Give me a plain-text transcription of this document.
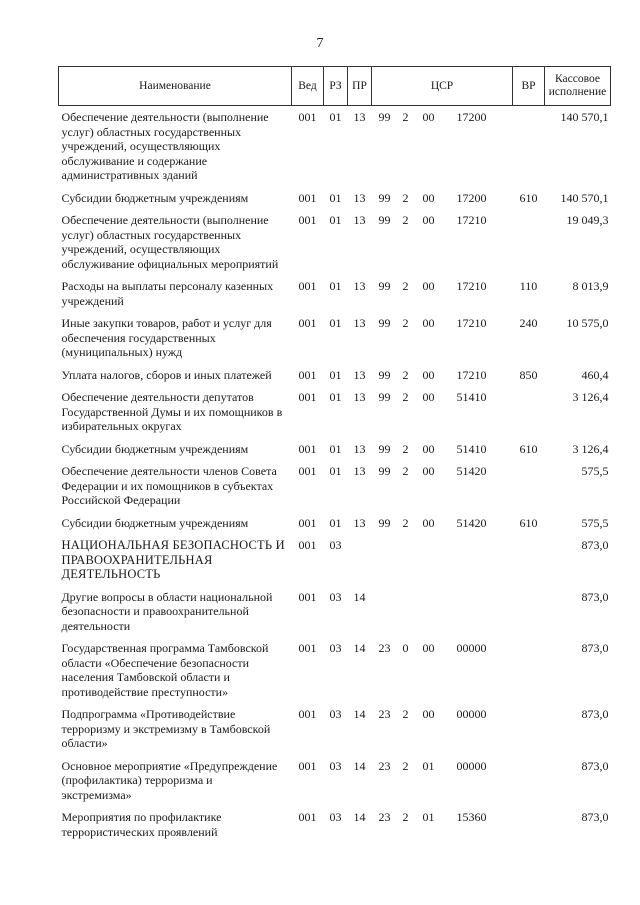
7
Наименование	Вед	РЗ	ПР	ЦСР	ВР	Кассовое исполнение
Обеспечение деятельности (выполнение услуг) областных государственных учреждений, осуществляющих обслуживание и содержание административных зданий	001	01	13	99 2 00 17200		140 570,1
Субсидии бюджетным учреждениям	001	01	13	99 2 00 17200	610	140 570,1
Обеспечение деятельности (выполнение услуг) областных государственных учреждений, осуществляющих обслуживание официальных мероприятий	001	01	13	99 2 00 17210		19 049,3
Расходы на выплаты персоналу казенных учреждений	001	01	13	99 2 00 17210	110	8 013,9
Иные закупки товаров, работ и услуг для обеспечения государственных (муниципальных) нужд	001	01	13	99 2 00 17210	240	10 575,0
Уплата налогов, сборов и иных платежей	001	01	13	99 2 00 17210	850	460,4
Обеспечение деятельности депутатов Государственной Думы и их помощников в избирательных округах	001	01	13	99 2 00 51410		3 126,4
Субсидии бюджетным учреждениям	001	01	13	99 2 00 51410	610	3 126,4
Обеспечение деятельности членов Совета Федерации и их помощников в субъектах Российской Федерации	001	01	13	99 2 00 51420		575,5
Субсидии бюджетным учреждениям	001	01	13	99 2 00 51420	610	575,5
НАЦИОНАЛЬНАЯ БЕЗОПАСНОСТЬ И ПРАВООХРАНИТЕЛЬНАЯ ДЕЯТЕЛЬНОСТЬ	001	03				873,0
Другие вопросы в области национальной безопасности и правоохранительной деятельности	001	03	14			873,0
Государственная программа Тамбовской области «Обеспечение безопасности населения Тамбовской области и противодействие преступности»	001	03	14	23 0 00 00000		873,0
Подпрограмма «Противодействие терроризму и экстремизму в Тамбовской области»	001	03	14	23 2 00 00000		873,0
Основное мероприятие «Предупреждение (профилактика) терроризма и экстремизма»	001	03	14	23 2 01 00000		873,0
Мероприятия по профилактике террористических проявлений	001	03	14	23 2 01 15360		873,0
